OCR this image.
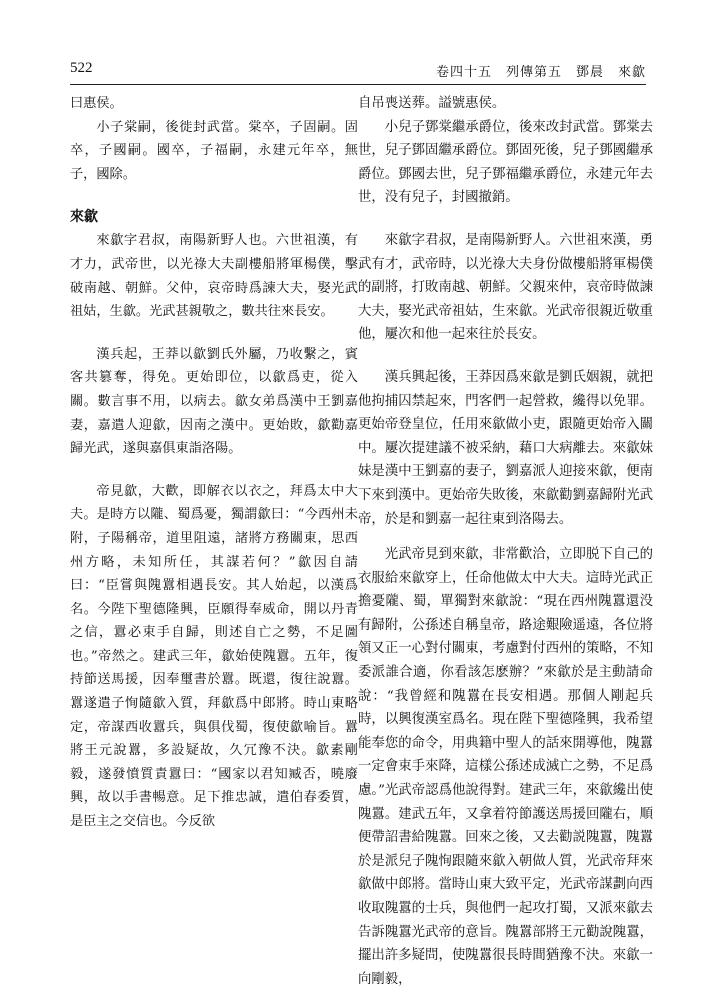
522	卷四十五　列傳第五　鄧晨　來歙

曰惠侯。

小子棠嗣，後徙封武當。棠卒，子固嗣。固卒，子國嗣。國卒，子福嗣，永建元年卒，無子，國除。

來歙

來歙字君叔，南陽新野人也。六世祖漢，有才力，武帝世，以光祿大夫副樓船將軍楊僕，擊破南越、朝鮮。父仲，哀帝時爲諫大夫，娶光武祖姑，生歙。光武甚親敬之，數共往來長安。

漢兵起，王莽以歙劉氏外屬，乃收繫之，賓客共篡奪，得免。更始即位，以歙爲吏，從入關。數言事不用，以病去。歙女弟爲漢中王劉嘉妻，嘉遣人迎歙，因南之漢中。更始敗，歙勸嘉歸光武，遂與嘉俱東詣洛陽。

帝見歙，大歡，即解衣以衣之，拜爲太中大夫。是時方以隴、蜀爲憂，獨謂歙曰：“今西州未附，子陽稱帝，道里阻遠，諸將方務關東，思西州方略，未知所任，其謀若何？”歙因自請曰：“臣嘗與隗囂相遇長安。其人始起，以漢爲名。今陛下聖德隆興，臣願得奉威命，開以丹青之信，囂必束手自歸，則述自亡之勢，不足圖也。”帝然之。建武三年，歙始使隗囂。五年，復持節送馬援，因奉璽書於囂。既還，復往說囂。囂遂遣子恂隨歙入質，拜歙爲中郎將。時山東略定，帝謀西收囂兵，與俱伐蜀，復使歙喻旨。囂將王元說囂，多設疑故，久冗豫不決。歙素剛毅，遂發憤質責囂曰：“國家以君知臧否，曉廢興，故以手書暢意。足下推忠誠，遣伯春委質，是臣主之交信也。今反欲

自吊喪送葬。謚號惠侯。

小兒子鄧棠繼承爵位，後來改封武當。鄧棠去世，兒子鄧固繼承爵位。鄧固死後，兒子鄧國繼承爵位。鄧國去世，兒子鄧福繼承爵位，永建元年去世，没有兒子，封國撤銷。

來歙字君叔，是南陽新野人。六世祖來漢，勇武有才，武帝時，以光祿大夫身份做樓船將軍楊僕的副將，打敗南越、朝鮮。父親來仲，哀帝時做諫大夫，娶光武帝祖姑，生來歙。光武帝很親近敬重他，屢次和他一起來往於長安。

漢兵興起後，王莽因爲來歙是劉氏姻親，就把他拘捕囚禁起來，門客們一起營救，纔得以免罪。更始帝登皇位，任用來歙做小吏，跟隨更始帝入關中。屢次提建議不被采納，藉口大病離去。來歙妹妹是漢中王劉嘉的妻子，劉嘉派人迎接來歙，便南下來到漢中。更始帝失敗後，來歙勸劉嘉歸附光武帝，於是和劉嘉一起往東到洛陽去。

光武帝見到來歙，非常歡洽，立即脱下自己的衣服給來歙穿上，任命他做太中大夫。這時光武正擔憂隴、蜀，單獨對來歙說：“現在西州隗囂還没有歸附，公孫述自稱皇帝，路途艱險遥遠，各位將領又正一心對付關東，考慮對付西州的策略，不知委派誰合適，你看該怎麽辦？”來歙於是主動請命說：“我曾經和隗囂在長安相遇。那個人剛起兵時，以興復漢室爲名。現在陛下聖德隆興，我希望能奉您的命令，用典籍中聖人的話來開導他，隗囂一定會束手來降，這樣公孫述成滅亡之勢，不足爲慮。”光武帝認爲他說得對。建武三年，來歙纔出使隗囂。建武五年，又拿着符節護送馬援回隴右，順便帶詔書給隗囂。回來之後，又去勸説隗囂，隗囂於是派兒子隗恂跟隨來歙入朝做人質，光武帝拜來歙做中郎將。當時山東大致平定，光武帝謀劃向西收取隗囂的士兵，與他們一起攻打蜀，又派來歙去告訴隗囂光武帝的意旨。隗囂部將王元勸說隗囂，擺出許多疑問，使隗囂很長時間猶豫不決。來歙一向剛毅，
